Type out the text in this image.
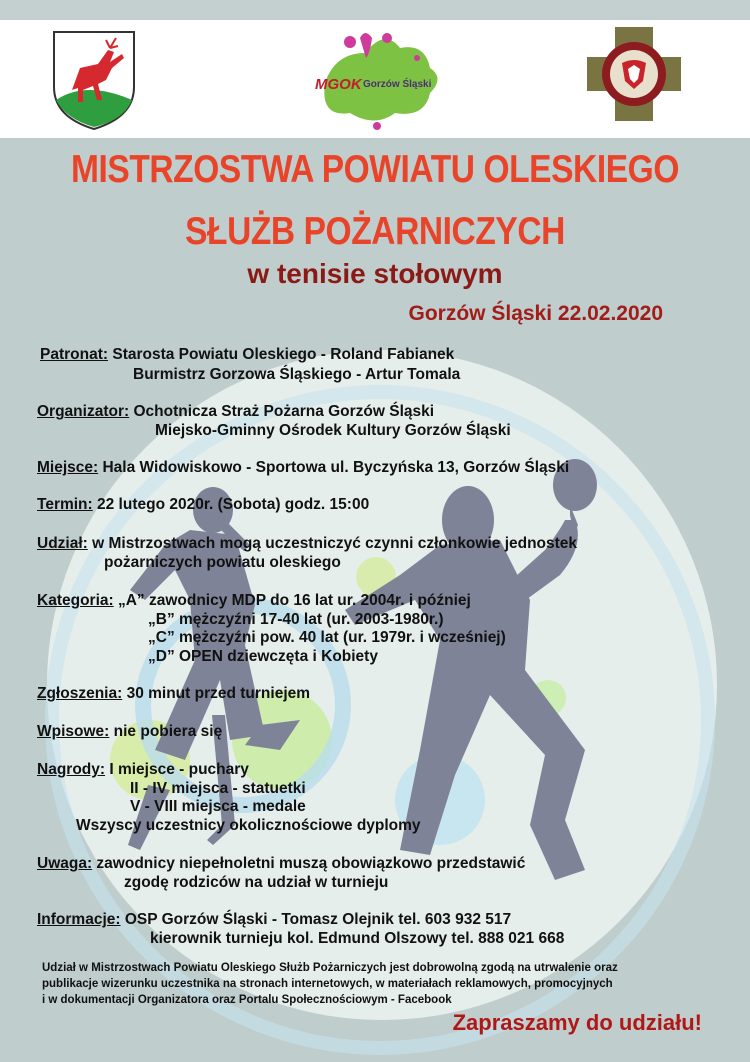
MGOK Gorzów Śląski
MISTRZOSTWA POWIATU OLESKIEGO
SŁUŻB POŻARNICZYCH
w tenisie stołowym
Gorzów Śląski 22.02.2020
Patronat: Starosta Powiatu Oleskiego - Roland Fabianek
Burmistrz Gorzowa Śląskiego - Artur Tomala
Organizator: Ochotnicza Straż Pożarna Gorzów Śląski
Miejsko-Gminny Ośrodek Kultury Gorzów Śląski
Miejsce: Hala Widowiskowo - Sportowa ul. Byczyńska 13, Gorzów Śląski
Termin: 22 lutego 2020r. (Sobota) godz. 15:00
Udział: w Mistrzostwach mogą uczestniczyć czynni członkowie jednostek
pożarniczych powiatu oleskiego
Kategoria: „A” zawodnicy MDP do 16 lat ur. 2004r. i później
„B” mężczyźni 17-40 lat (ur. 2003-1980r.)
„C” mężczyźni pow. 40 lat (ur. 1979r. i wcześniej)
„D” OPEN dziewczęta i Kobiety
Zgłoszenia: 30 minut przed turniejem
Wpisowe: nie pobiera się
Nagrody: I miejsce - puchary
II - IV miejsca - statuetki
V - VIII miejsca - medale
Wszyscy uczestnicy okolicznościowe dyplomy
Uwaga: zawodnicy niepełnoletni muszą obowiązkowo przedstawić
zgodę rodziców na udział w turnieju
Informacje: OSP Gorzów Śląski - Tomasz Olejnik tel. 603 932 517
kierownik turnieju kol. Edmund Olszowy tel. 888 021 668
Udział w Mistrzostwach Powiatu Oleskiego Służb Pożarniczych jest dobrowolną zgodą na utrwalenie oraz
publikacje wizerunku uczestnika na stronach internetowych, w materiałach reklamowych, promocyjnych
i w dokumentacji Organizatora oraz Portalu Społecznościowym - Facebook
Zapraszamy do udziału!
